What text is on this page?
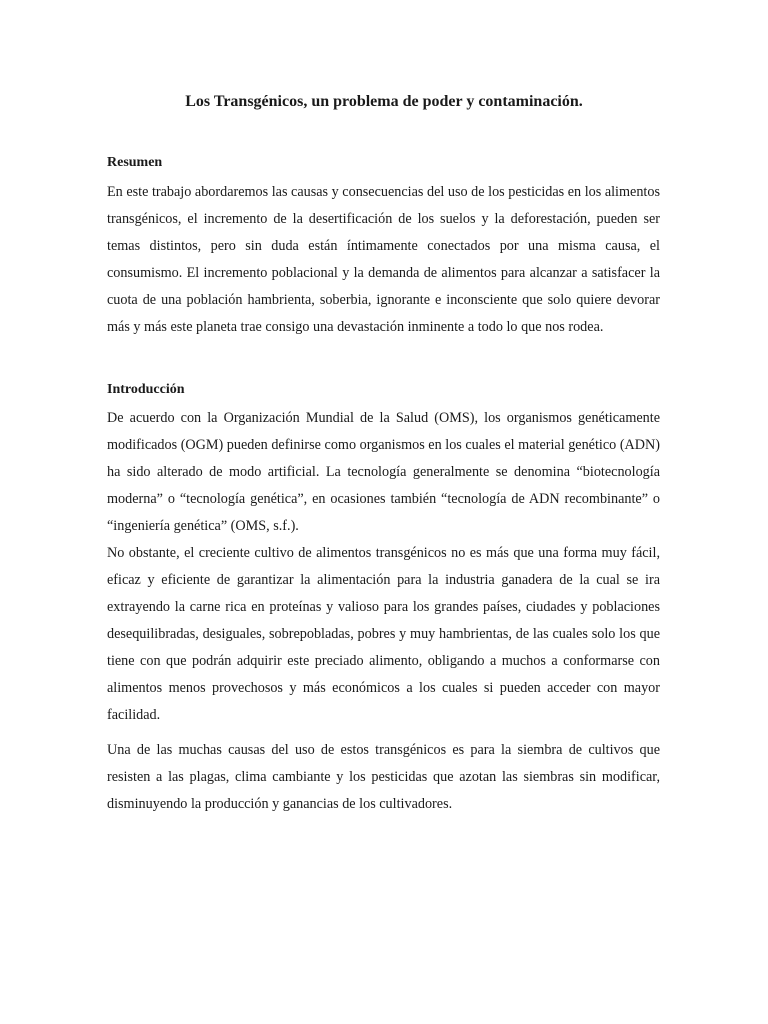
Los Transgénicos, un problema de poder y contaminación.
Resumen

En este trabajo abordaremos las causas y consecuencias del uso de los pesticidas en los alimentos transgénicos, el incremento de la desertificación de los suelos y la deforestación, pueden ser temas distintos, pero sin duda están íntimamente conectados por una misma causa, el consumismo. El incremento poblacional y la demanda de alimentos para alcanzar a satisfacer la cuota de una población hambrienta, soberbia, ignorante e inconsciente que solo quiere devorar más y más este planeta trae consigo una devastación inminente a todo lo que nos rodea.

Introducción

De acuerdo con la Organización Mundial de la Salud (OMS), los organismos genéticamente modificados (OGM) pueden definirse como organismos en los cuales el material genético (ADN) ha sido alterado de modo artificial. La tecnología generalmente se denomina “biotecnología moderna” o “tecnología genética”, en ocasiones también “tecnología de ADN recombinante” o “ingeniería genética” (OMS, s.f.).

No obstante, el creciente cultivo de alimentos transgénicos no es más que una forma muy fácil, eficaz y eficiente de garantizar la alimentación para la industria ganadera de la cual se ira extrayendo la carne rica en proteínas y valioso para los grandes países, ciudades y poblaciones desequilibradas, desiguales, sobrepobladas, pobres y muy hambrientas, de las cuales solo los que tiene con que podrán adquirir este preciado alimento, obligando a muchos a conformarse con alimentos menos provechosos y más económicos a los cuales si pueden acceder con mayor facilidad.

Una de las muchas causas del uso de estos transgénicos es para la siembra de cultivos que resisten a las plagas, clima cambiante y los pesticidas que azotan las siembras sin modificar, disminuyendo la producción y ganancias de los cultivadores.
